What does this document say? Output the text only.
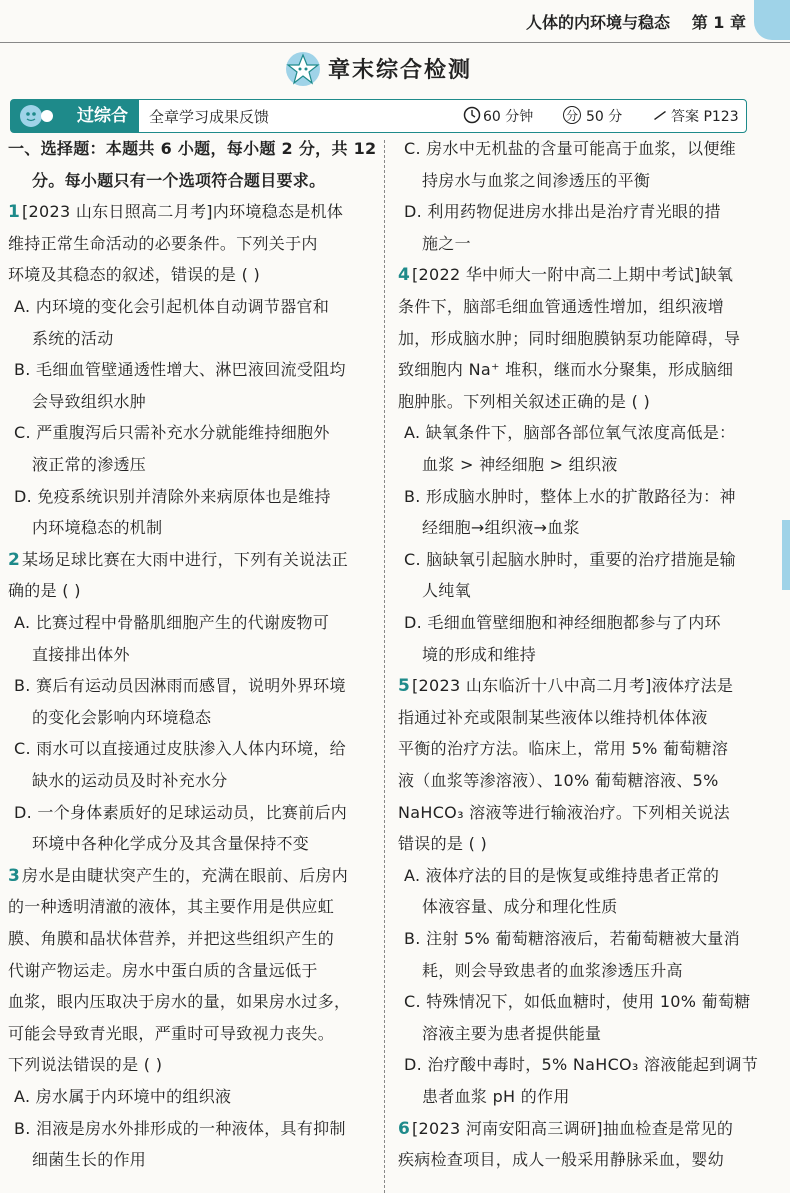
人体的内环境与稳态 第 1 章
章末综合检测
过综合	全章学习成果反馈	60 分钟	分 50 分	答案 P123
一、选择题：本题共 6 小题，每小题 2 分，共 12
分。每小题只有一个选项符合题目要求。
1 [2023 山东日照高二月考]内环境稳态是机体
维持正常生命活动的必要条件。下列关于内
环境及其稳态的叙述，错误的是 ( )
A. 内环境的变化会引起机体自动调节器官和
系统的活动
B. 毛细血管壁通透性增大、淋巴液回流受阻均
会导致组织水肿
C. 严重腹泻后只需补充水分就能维持细胞外
液正常的渗透压
D. 免疫系统识别并清除外来病原体也是维持
内环境稳态的机制
2 某场足球比赛在大雨中进行，下列有关说法正
确的是 ( )
A. 比赛过程中骨骼肌细胞产生的代谢废物可
直接排出体外
B. 赛后有运动员因淋雨而感冒，说明外界环境
的变化会影响内环境稳态
C. 雨水可以直接通过皮肤渗入人体内环境，给
缺水的运动员及时补充水分
D. 一个身体素质好的足球运动员，比赛前后内
环境中各种化学成分及其含量保持不变
3 房水是由睫状突产生的，充满在眼前、后房内
的一种透明清澈的液体，其主要作用是供应虹
膜、角膜和晶状体营养，并把这些组织产生的
代谢产物运走。房水中蛋白质的含量远低于
血浆，眼内压取决于房水的量，如果房水过多，
可能会导致青光眼，严重时可导致视力丧失。
下列说法错误的是 ( )
A. 房水属于内环境中的组织液
B. 泪液是房水外排形成的一种液体，具有抑制
细菌生长的作用
C. 房水中无机盐的含量可能高于血浆，以便维
持房水与血浆之间渗透压的平衡
D. 利用药物促进房水排出是治疗青光眼的措
施之一
4 [2022 华中师大一附中高二上期中考试]缺氧
条件下，脑部毛细血管通透性增加，组织液增
加，形成脑水肿；同时细胞膜钠泵功能障碍，导
致细胞内 Na⁺ 堆积，继而水分聚集，形成脑细
胞肿胀。下列相关叙述正确的是 ( )
A. 缺氧条件下，脑部各部位氧气浓度高低是：
血浆 > 神经细胞 > 组织液
B. 形成脑水肿时，整体上水的扩散路径为：神
经细胞→组织液→血浆
C. 脑缺氧引起脑水肿时，重要的治疗措施是输
人纯氧
D. 毛细血管壁细胞和神经细胞都参与了内环
境的形成和维持
5 [2023 山东临沂十八中高二月考]液体疗法是
指通过补充或限制某些液体以维持机体体液
平衡的治疗方法。临床上，常用 5% 葡萄糖溶
液（血浆等渗溶液）、10% 葡萄糖溶液、5%
NaHCO₃ 溶液等进行输液治疗。下列相关说法
错误的是 ( )
A. 液体疗法的目的是恢复或维持患者正常的
体液容量、成分和理化性质
B. 注射 5% 葡萄糖溶液后，若葡萄糖被大量消
耗，则会导致患者的血浆渗透压升高
C. 特殊情况下，如低血糖时，使用 10% 葡萄糖
溶液主要为患者提供能量
D. 治疗酸中毒时，5% NaHCO₃ 溶液能起到调节
患者血浆 pH 的作用
6 [2023 河南安阳高三调研]抽血检查是常见的
疾病检查项目，成人一般采用静脉采血，婴幼
